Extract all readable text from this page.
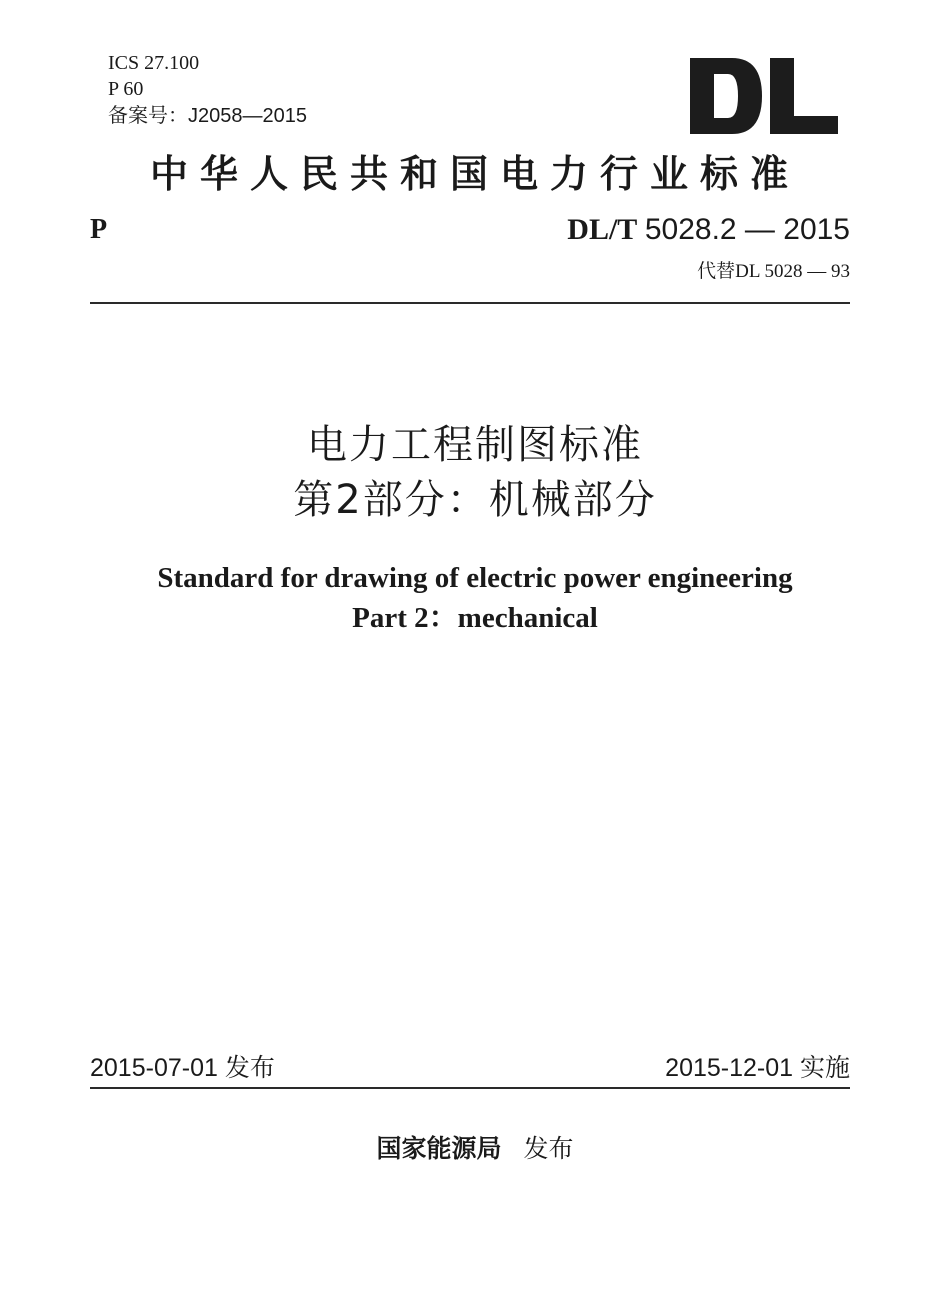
ICS 27.100
P 60
备案号：J2058—2015
中华人民共和国电力行业标准
P	DL/T 5028.2 — 2015
代替DL 5028 — 93
电力工程制图标准
第2部分：机械部分
Standard for drawing of electric power engineering
Part 2：mechanical
2015-07-01 发布	2015-12-01 实施
国家能源局 发布
